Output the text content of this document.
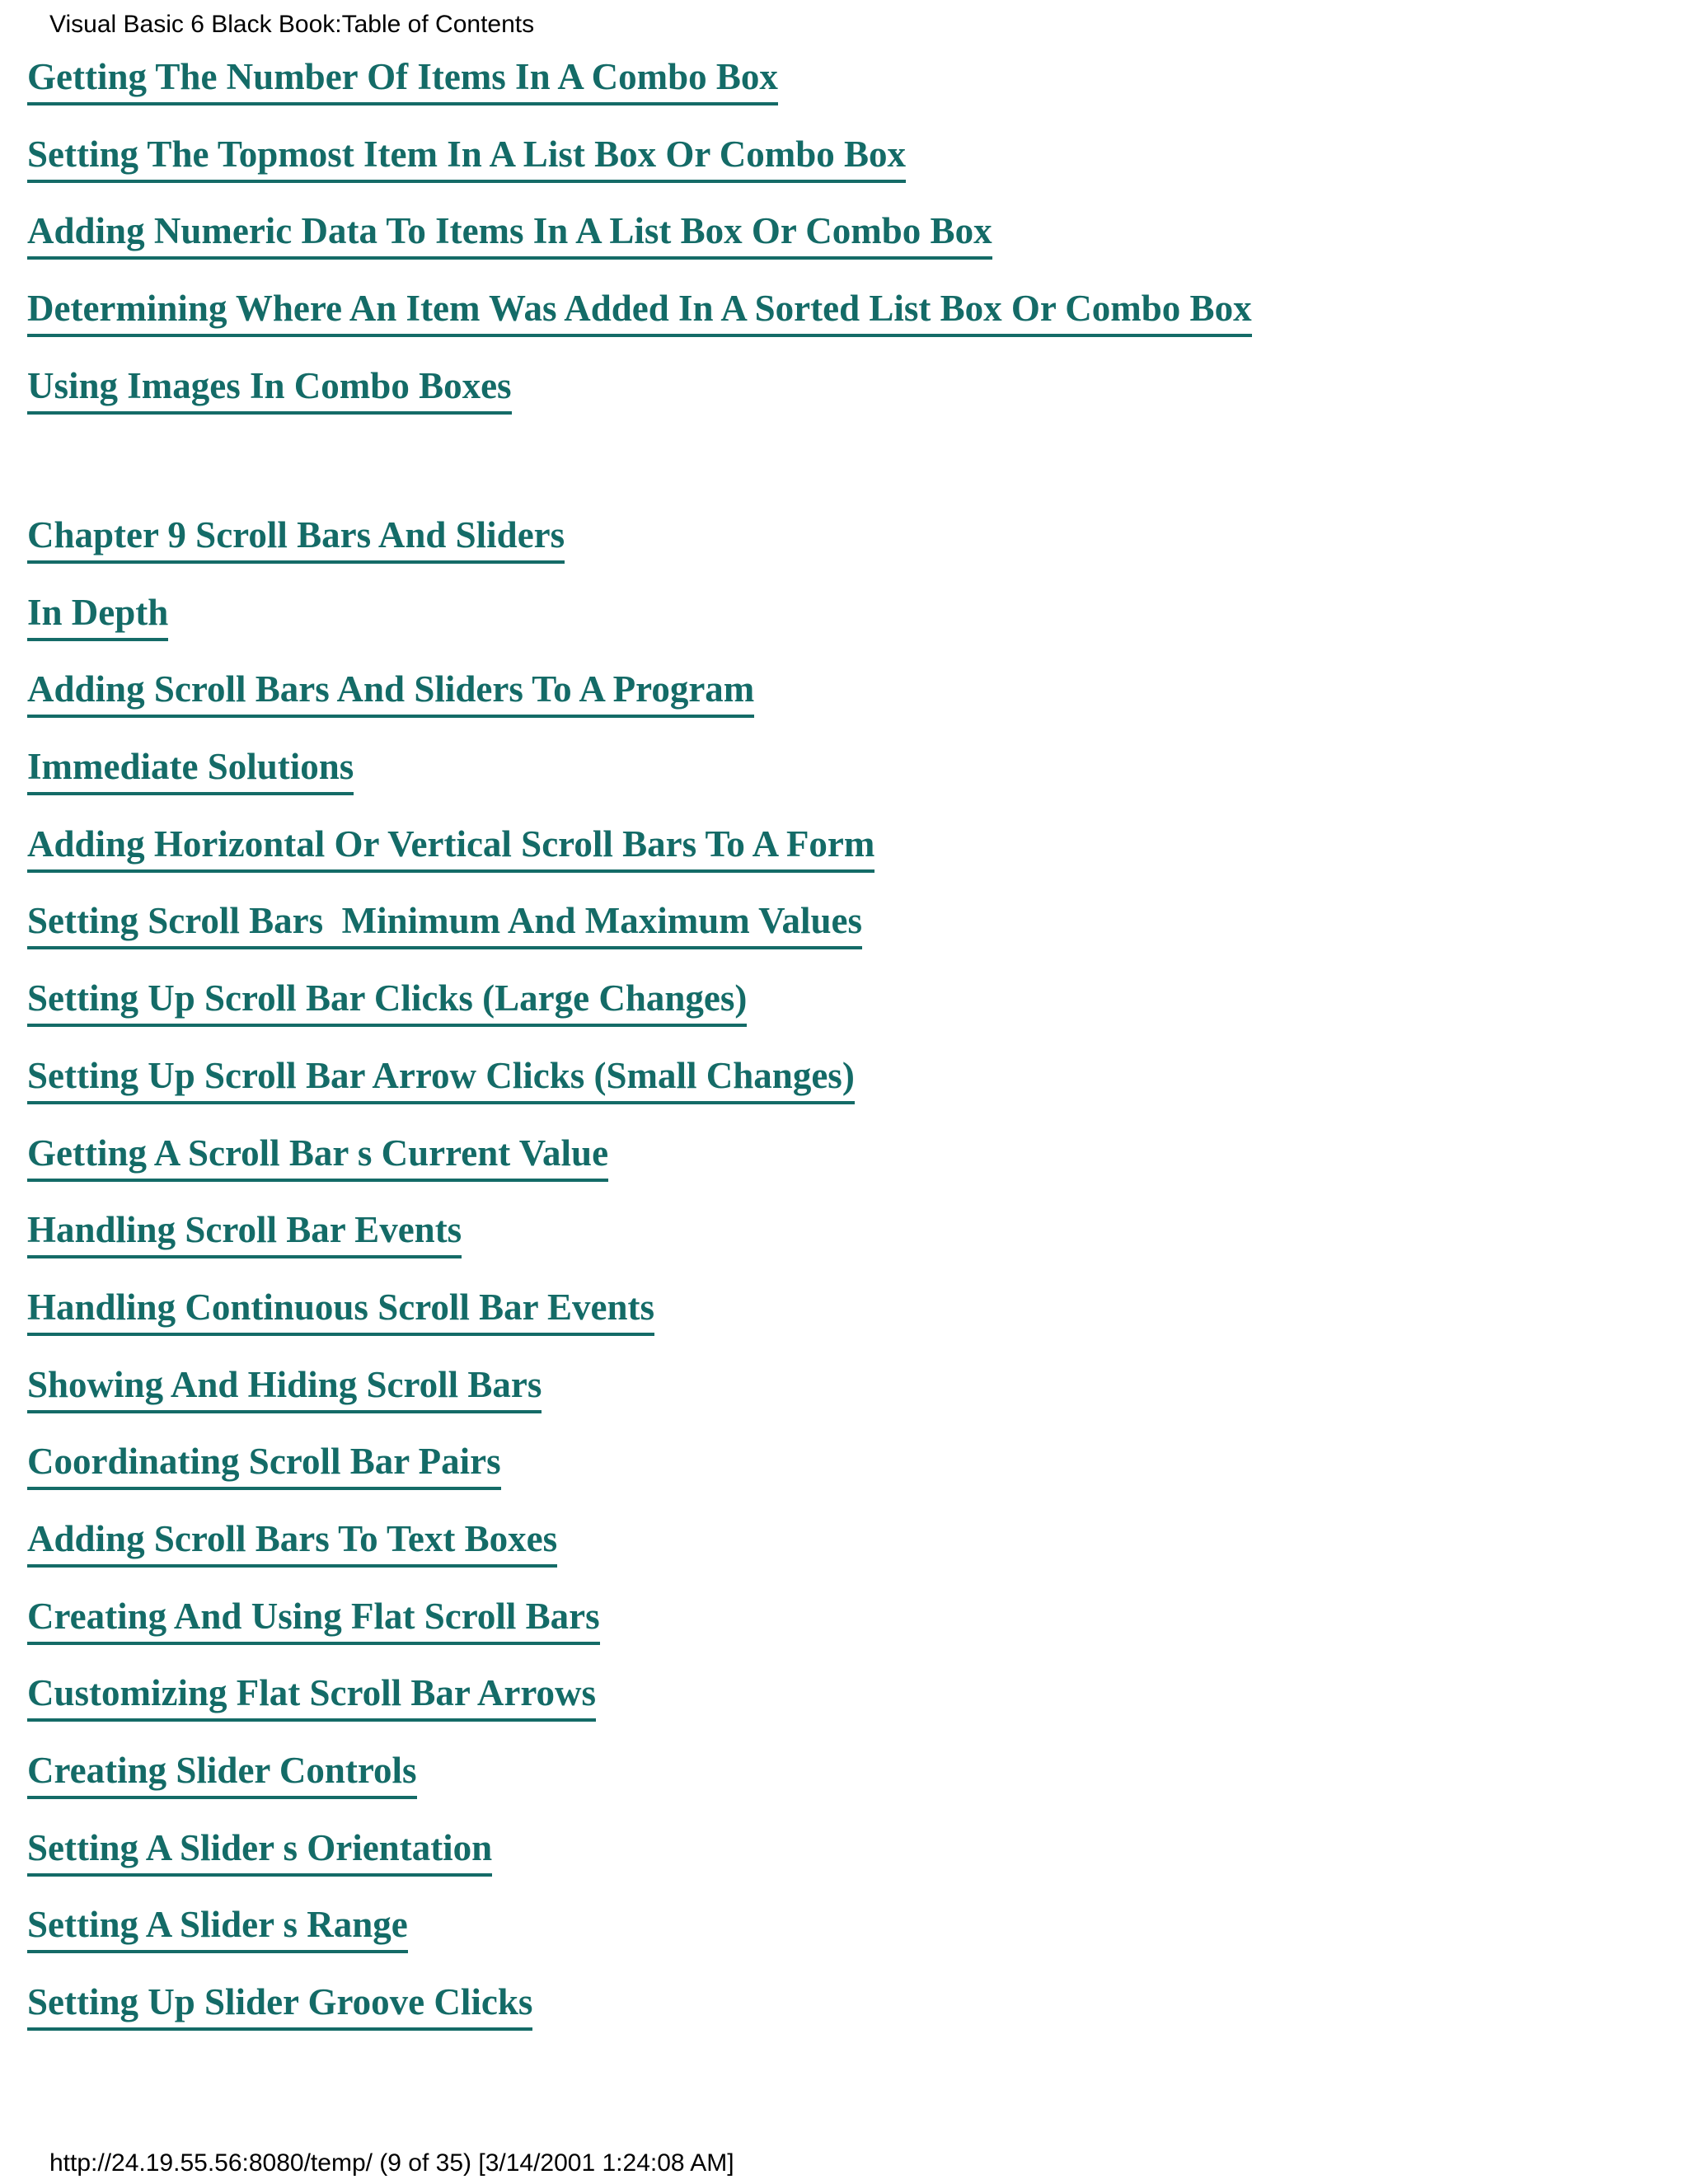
Visual Basic 6 Black Book:Table of Contents
Getting The Number Of Items In A Combo Box
Setting The Topmost Item In A List Box Or Combo Box
Adding Numeric Data To Items In A List Box Or Combo Box
Determining Where An Item Was Added In A Sorted List Box Or Combo Box
Using Images In Combo Boxes
Chapter 9 Scroll Bars And Sliders
In Depth
Adding Scroll Bars And Sliders To A Program
Immediate Solutions
Adding Horizontal Or Vertical Scroll Bars To A Form
Setting Scroll Bars  Minimum And Maximum Values
Setting Up Scroll Bar Clicks (Large Changes)
Setting Up Scroll Bar Arrow Clicks (Small Changes)
Getting A Scroll Bar s Current Value
Handling Scroll Bar Events
Handling Continuous Scroll Bar Events
Showing And Hiding Scroll Bars
Coordinating Scroll Bar Pairs
Adding Scroll Bars To Text Boxes
Creating And Using Flat Scroll Bars
Customizing Flat Scroll Bar Arrows
Creating Slider Controls
Setting A Slider s Orientation
Setting A Slider s Range
Setting Up Slider Groove Clicks
http://24.19.55.56:8080/temp/ (9 of 35) [3/14/2001 1:24:08 AM]
